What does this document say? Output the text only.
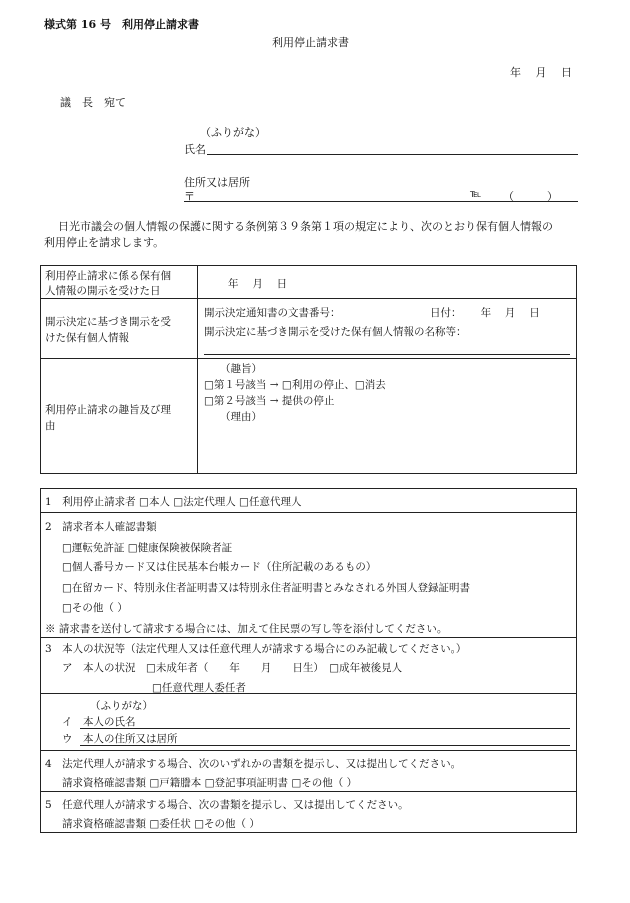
様式第 16 号　利用停止請求書
利用停止請求書
年　 月　 日
議　長　宛て
（ふりがな）
氏名
住所又は居所
〒	℡ （　　　）
日光市議会の個人情報の保護に関する条例第３９条第１項の規定により、次のとおり保有個人情報の
利用停止を請求します。
利用停止請求に係る保有個
人情報の開示を受けた日
年　 月　 日
開示決定に基づき開示を受
けた保有個人情報
開示決定通知書の文書番号：	日付：　　 年　 月　 日
開示決定に基づき開示を受けた保有個人情報の名称等：
利用停止請求の趣旨及び理
由
（趣旨）
□第１号該当 → □利用の停止、□消去
□第２号該当 → 提供の停止
（理由）
1　利用停止請求者 □本人 □法定代理人 □任意代理人
2　請求者本人確認書類
□運転免許証 □健康保険被保険者証
□個人番号カード又は住民基本台帳カード（住所記載のあるもの）
□在留カード、特別永住者証明書又は特別永住者証明書とみなされる外国人登録証明書
□その他（ ）
※ 請求書を送付して請求する場合には、加えて住民票の写し等を添付してください。
3　本人の状況等（法定代理人又は任意代理人が請求する場合にのみ記載してください。）
ア　本人の状況　□未成年者（　　年　　月　　日生）　□成年被後見人
□任意代理人委任者
（ふりがな）
イ　本人の氏名
ウ　本人の住所又は居所
4　法定代理人が請求する場合、次のいずれかの書類を提示し、又は提出してください。
請求資格確認書類 □戸籍謄本 □登記事項証明書 □その他（ ）
5　任意代理人が請求する場合、次の書類を提示し、又は提出してください。
請求資格確認書類 □委任状 □その他（ ）
